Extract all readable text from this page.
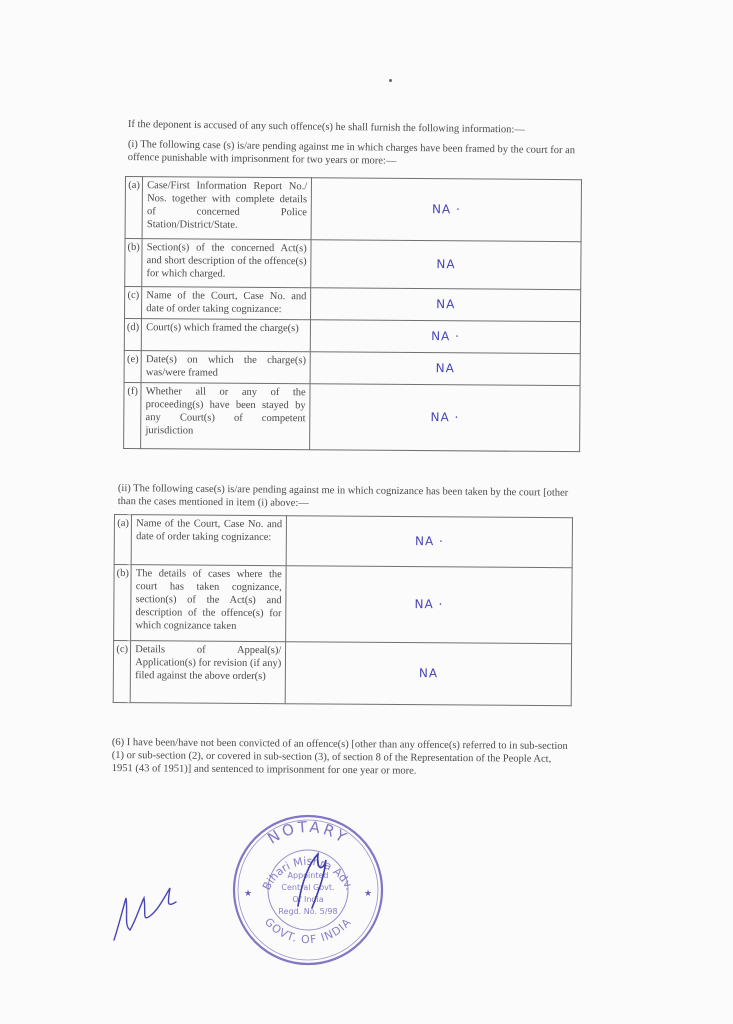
If the deponent is accused of any such offence(s) he shall furnish the following information:—

(i) The following case (s) is/are pending against me in which charges have been framed by the court for an offence punishable with imprisonment for two years or more:—

(a)	Case/First Information Report No./ Nos. together with complete details of concerned Police Station/District/State.	NA ·
(b)	Section(s) of the concerned Act(s) and short description of the offence(s) for which charged.	NA
(c)	Name of the Court, Case No. and date of order taking cognizance:	NA
(d)	Court(s) which framed the charge(s)	NA ·
(e)	Date(s) on which the charge(s) was/were framed	NA
(f)	Whether all or any of the proceeding(s) have been stayed by any Court(s) of competent jurisdiction	NA ·

(ii) The following case(s) is/are pending against me in which cognizance has been taken by the court [other than the cases mentioned in item (i) above:—

(a)	Name of the Court, Case No. and date of order taking cognizance:	NA ·
(b)	The details of cases where the court has taken cognizance, section(s) of the Act(s) and description of the offence(s) for which cognizance taken	NA ·
(c)	Details of Appeal(s)/ Application(s) for revision (if any) filed against the above order(s)	NA

(6) I have been/have not been convicted of an offence(s) [other than any offence(s) referred to in sub-section (1) or sub-section (2), or covered in sub-section (3), of section 8 of the Representation of the People Act, 1951 (43 of 1951)] and sentenced to imprisonment for one year or more.

NOTARY
Bihari Mishra Adv.
GOVT. OF INDIA
Appointed
Central Govt.
Of India
Regd. No. 5/98
★	★
